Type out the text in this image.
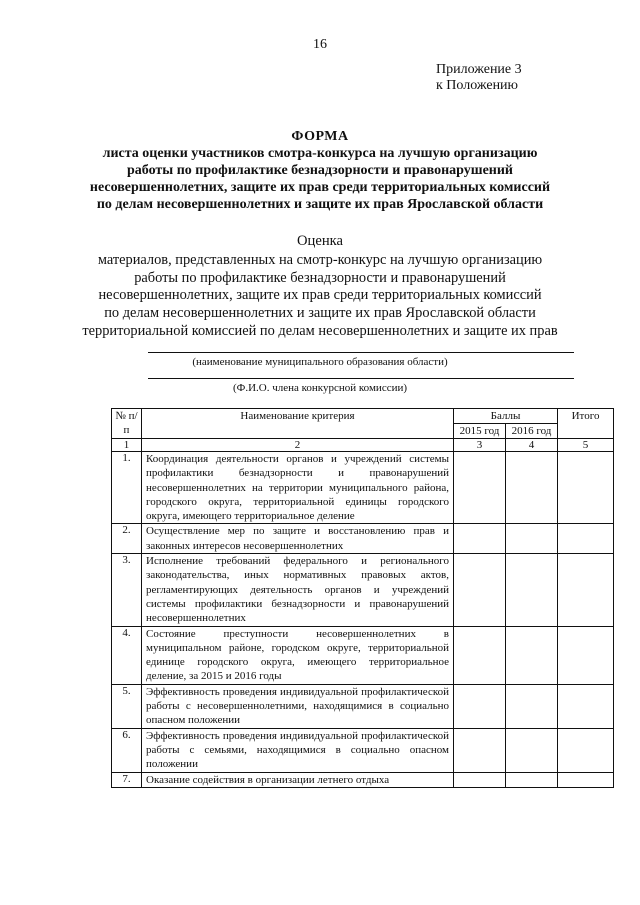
16
Приложение 3
к Положению
ФОРМА
листа оценки участников смотра-конкурса на лучшую организацию
работы по профилактике безнадзорности и правонарушений
несовершеннолетних, защите их прав среди территориальных комиссий
по делам несовершеннолетних и защите их прав Ярославской области
Оценка
материалов, представленных на смотр-конкурс на лучшую организацию
работы по профилактике безнадзорности и правонарушений
несовершеннолетних, защите их прав среди территориальных комиссий
по делам несовершеннолетних и защите их прав Ярославской области
территориальной комиссией по делам несовершеннолетних и защите их прав
(наименование муниципального образования области)
(Ф.И.О. члена конкурсной комиссии)
№ п/п	Наименование критерия	Баллы		Итого
		2015 год	2016 год	
1	2	3	4	5
1.	Координация деятельности органов и учреждений системы профилактики безнадзорности и правонарушений несовершеннолетних на территории муниципального района, городского округа, территориальной единицы городского округа, имеющего территориальное деление			
2.	Осуществление мер по защите и восстановлению прав и законных интересов несовершеннолетних			
3.	Исполнение требований федерального и регионального законодательства, иных нормативных правовых актов, регламентирующих деятельность органов и учреждений системы профилактики безнадзорности и правонарушений несовершеннолетних			
4.	Состояние преступности несовершеннолетних в муниципальном районе, городском округе, территориальной единице городского округа, имеющего территориальное деление, за 2015 и 2016 годы			
5.	Эффективность проведения индивидуальной профилактической работы с несовершеннолетними, находящимися в социально опасном положении			
6.	Эффективность проведения индивидуальной профилактической работы с семьями, находящимися в социально опасном положении			
7.	Оказание содействия в организации летнего отдыха			
